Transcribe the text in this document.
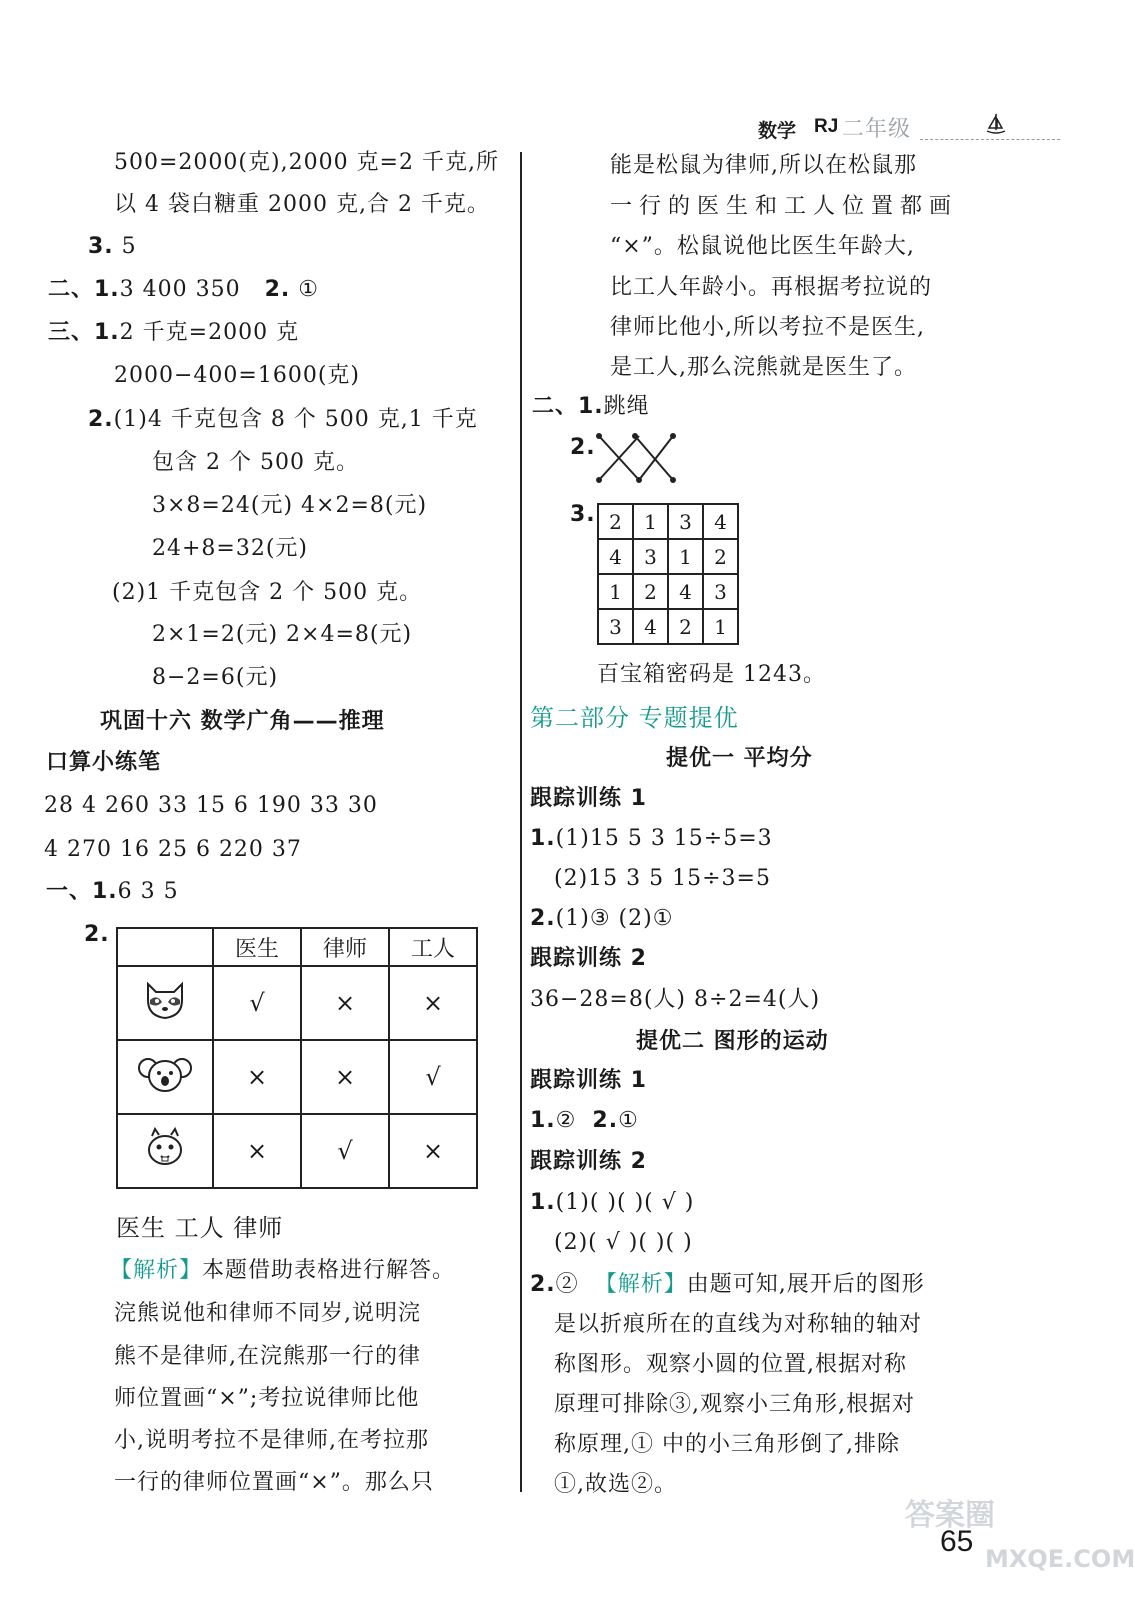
数学 RJ 二年级
500=2000(克),2000 克=2 千克,所
以 4 袋白糖重 2000 克,合 2 千克。
3. 5
二、1.3 400 350 2. ①
三、1.2 千克=2000 克
2000−400=1600(克)
2.(1)4 千克包含 8 个 500 克,1 千克
包含 2 个 500 克。
3×8=24(元) 4×2=8(元)
24+8=32(元)
(2)1 千克包含 2 个 500 克。
2×1=2(元) 2×4=8(元)
8−2=6(元)
巩固十六 数学广角——推理
口算小练笔
28 4 260 33 15 6 190 33 30
4 270 16 25 6 220 37
一、1.6 3 5
2.
	医生	律师	工人
	√	×	×
	×	×	√
	×	√	×
医生 工人 律师
【解析】本题借助表格进行解答。
浣熊说他和律师不同岁,说明浣
熊不是律师,在浣熊那一行的律
师位置画“×”;考拉说律师比他
小,说明考拉不是律师,在考拉那
一行的律师位置画“×”。那么只
能是松鼠为律师,所以在松鼠那
一行的医生和工人位置都画
“×”。松鼠说他比医生年龄大,
比工人年龄小。再根据考拉说的
律师比他小,所以考拉不是医生,
是工人,那么浣熊就是医生了。
二、1.跳绳
2.
3. 2	1	3	4
4	3	1	2
1	2	4	3
3	4	2	1
百宝箱密码是 1243。
第二部分 专题提优
提优一 平均分
跟踪训练 1
1.(1)15 5 3 15÷5=3
(2)15 3 5 15÷3=5
2.(1)③ (2)①
跟踪训练 2
36−28=8(人) 8÷2=4(人)
提优二 图形的运动
跟踪训练 1
1.② 2.①
跟踪训练 2
1.(1)( )( )( √ )
(2)( √ )( )( )
2.② 【解析】由题可知,展开后的图形
是以折痕所在的直线为对称轴的轴对
称图形。观察小圆的位置,根据对称
原理可排除③,观察小三角形,根据对
称原理,① 中的小三角形倒了,排除
①,故选②。
65
答案圈
MXQE.COM
